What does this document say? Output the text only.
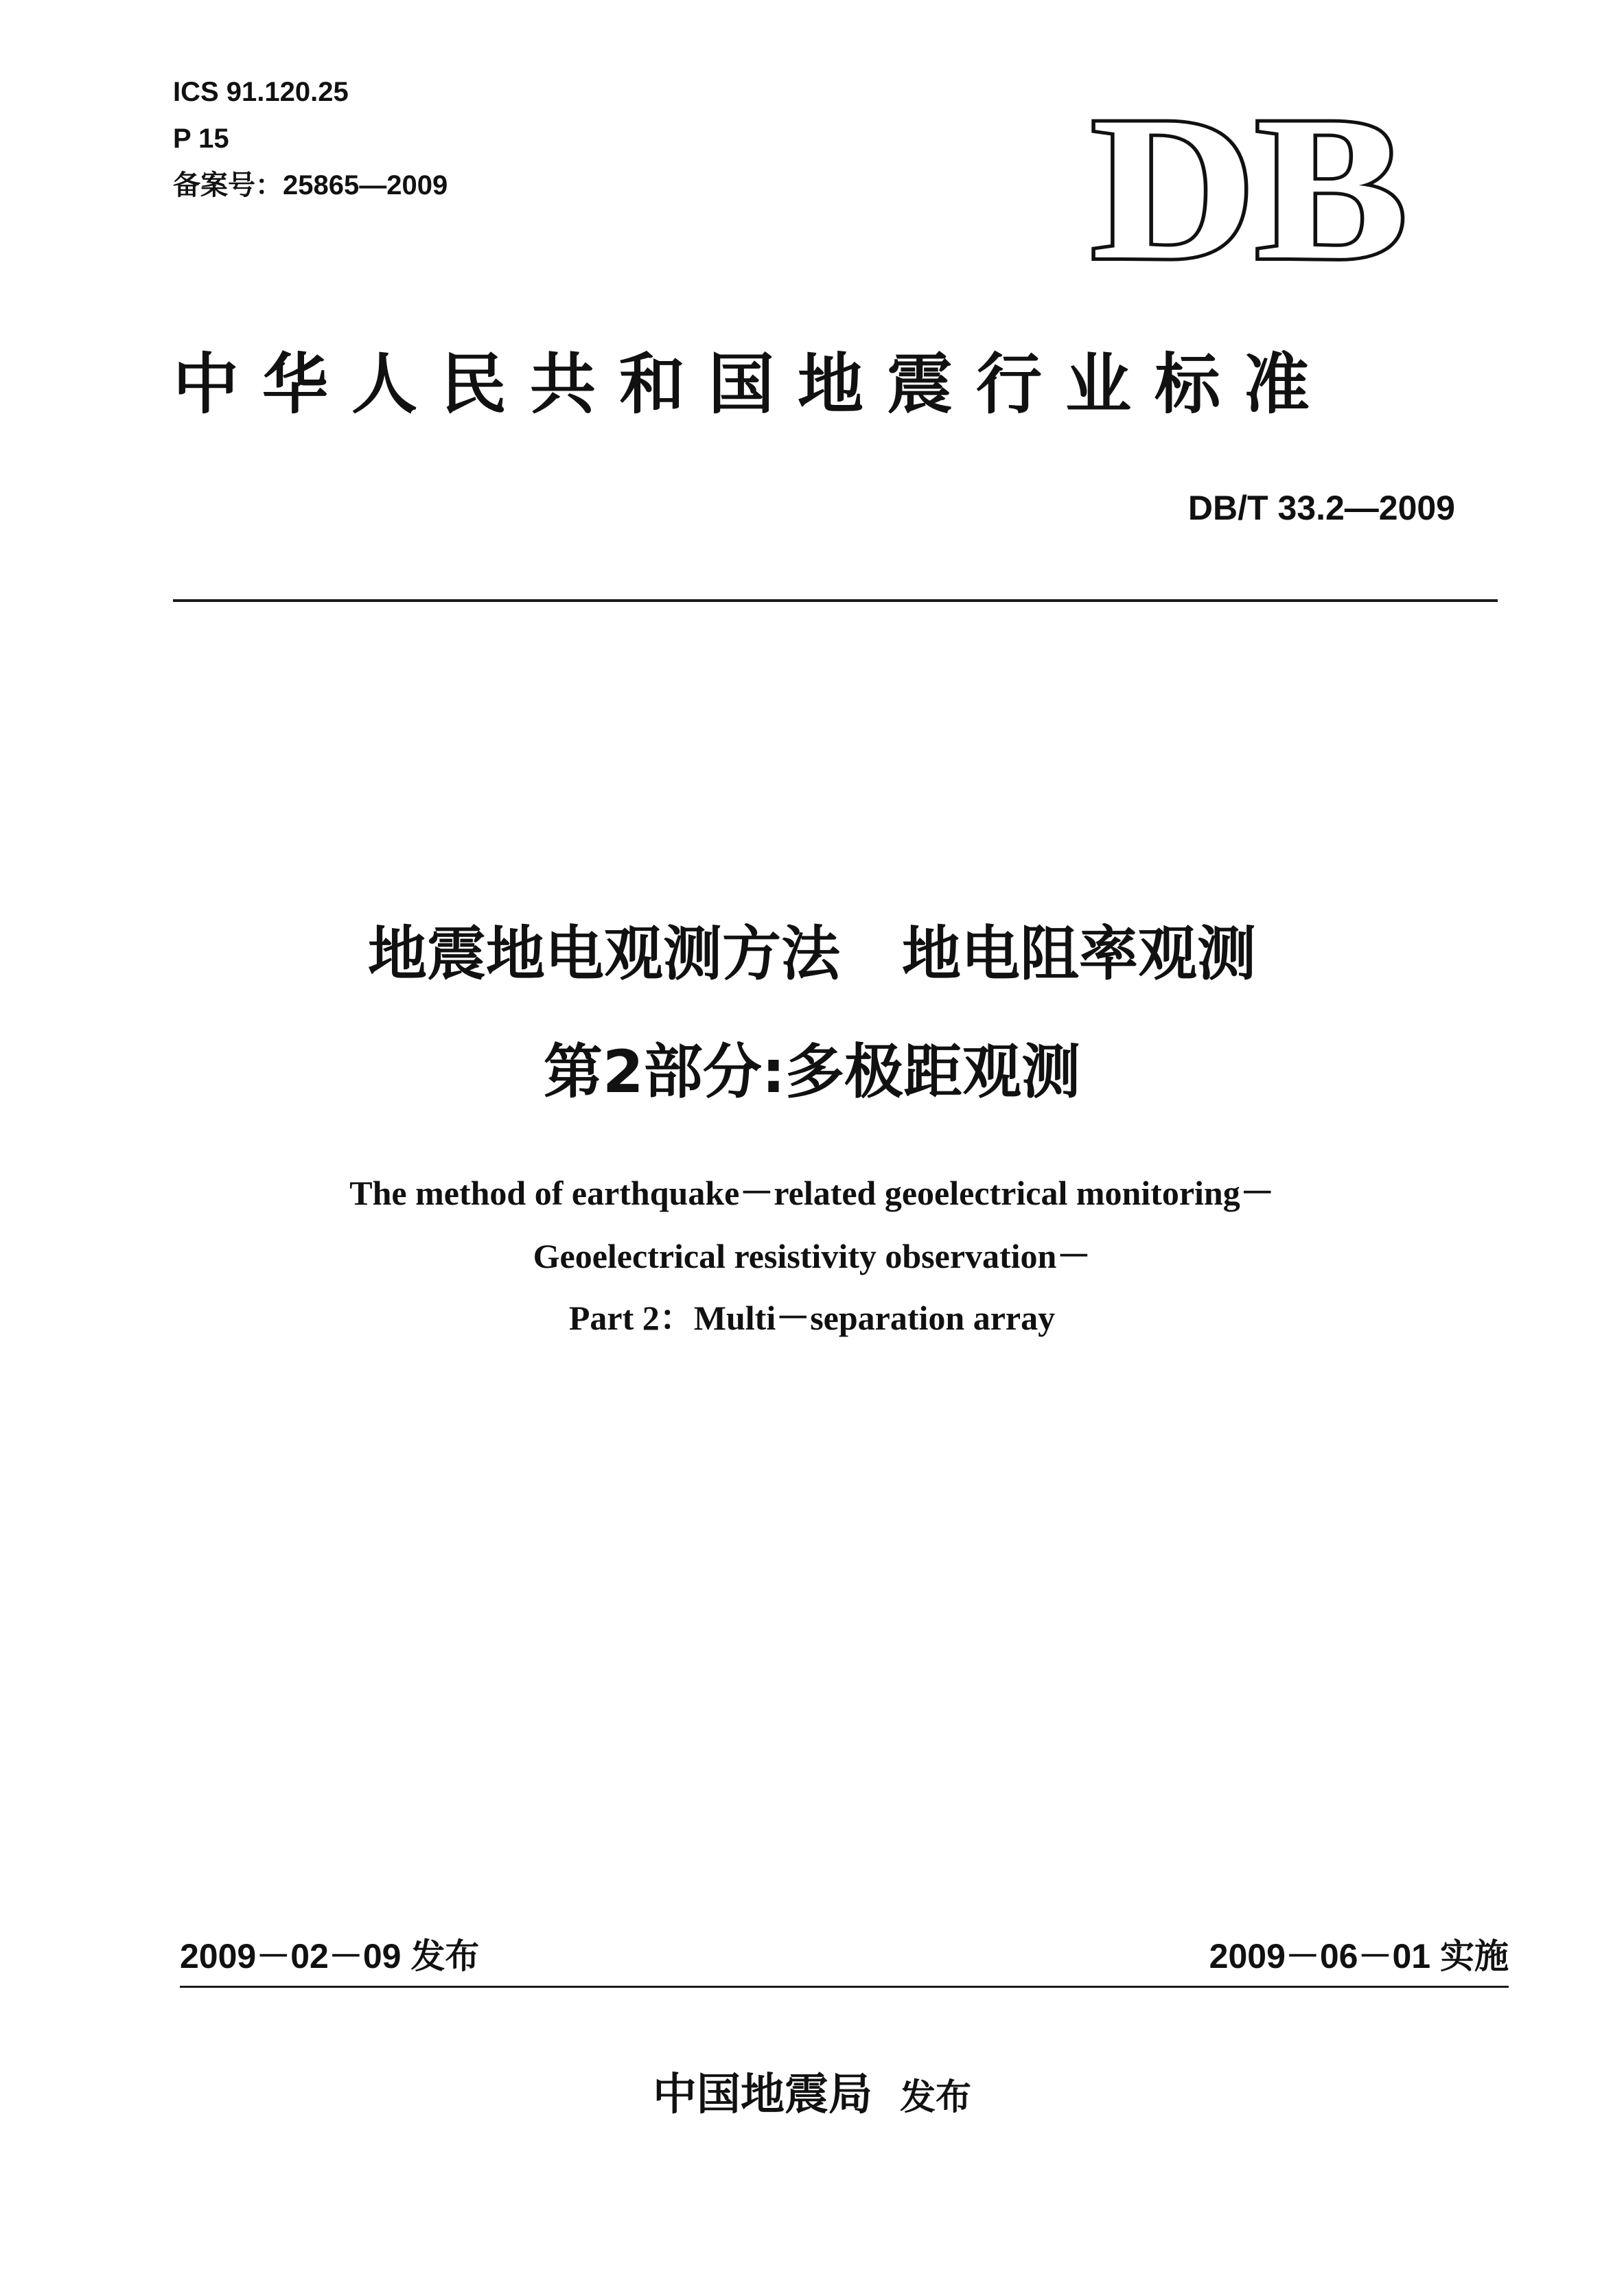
ICS 91.120.25
P 15
备案号：25865—2009	DB
中华人民共和国地震行业标准
DB/T 33.2—2009
地震地电观测方法 地电阻率观测
第2部分:多极距观测
The method of earthquake－related geoelectrical monitoring－
Geoelectrical resistivity observation－
Part 2：Multi－separation array
2009－02－09 发布	2009－06－01 实施
中国地震局 发布
